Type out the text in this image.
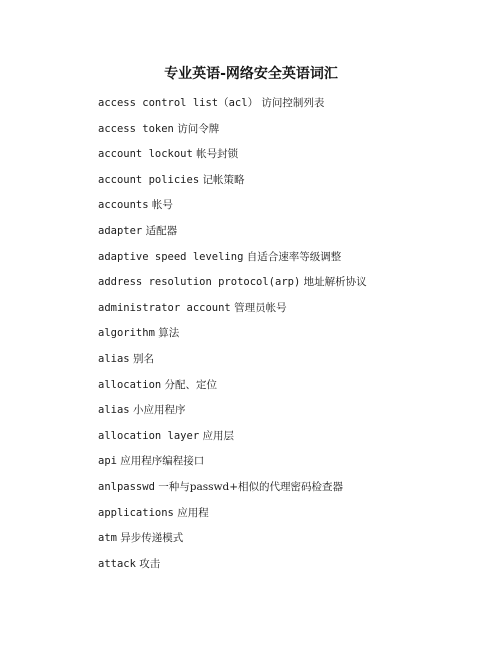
专业英语-网络安全英语词汇
access control list（acl） 访问控制列表
access token 访问令牌
account lockout 帐号封锁
account policies 记帐策略
accounts 帐号
adapter 适配器
adaptive speed leveling 自适合速率等级调整
address resolution protocol(arp) 地址解析协议
administrator account 管理员帐号
algorithm 算法
alias 别名
allocation 分配、定位
alias 小应用程序
allocation layer 应用层
api 应用程序编程接口
anlpasswd 一种与passwd+相似的代理密码检查器
applications 应用程
atm 异步传递模式
attack 攻击
